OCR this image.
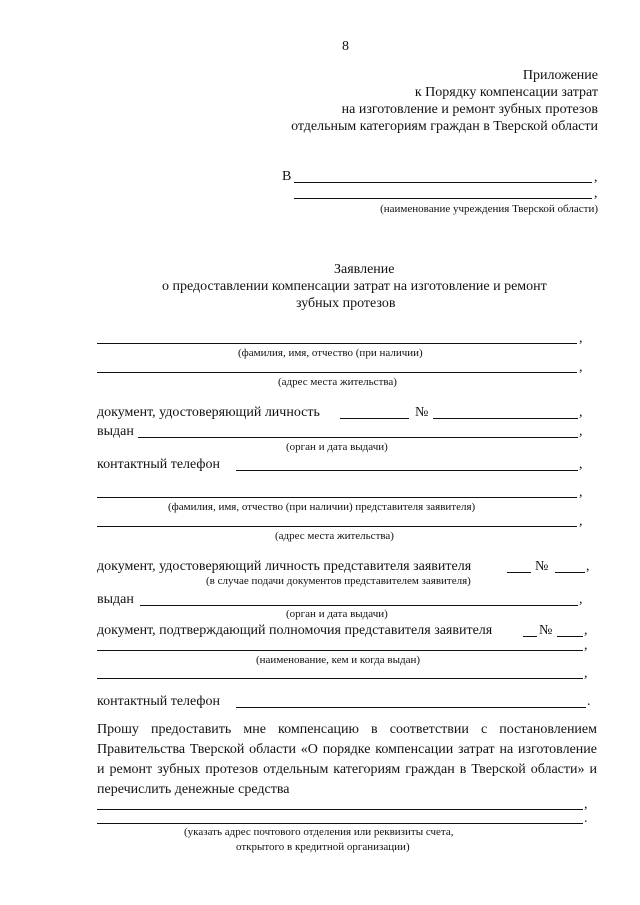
8
Приложение
к Порядку компенсации затрат
на изготовление и ремонт зубных протезов
отдельным категориям граждан в Тверской области
В	,
,
(наименование учреждения Тверской области)
Заявление
о предоставлении компенсации затрат на изготовление и ремонт
зубных протезов
,
(фамилия, имя, отчество (при наличии)
,
(адрес места жительства)
документ, удостоверяющий личность	№	,
выдан	,
(орган и дата выдачи)
контактный телефон	,
,
(фамилия, имя, отчество (при наличии) представителя заявителя)
,
(адрес места жительства)
документ, удостоверяющий личность представителя заявителя	№	,
(в случае подачи документов представителем заявителя)
выдан	,
(орган и дата выдачи)
документ, подтверждающий полномочия представителя заявителя	№ ,
,
(наименование, кем и когда выдан)
,
контактный телефон	.
Прошу предоставить мне компенсацию в соответствии с постановлением Правительства Тверской области «О порядке компенсации затрат на изготовление и ремонт зубных протезов отдельным категориям граждан в Тверской области» и перечислить денежные средства
,
.
(указать адрес почтового отделения или реквизиты счета,
открытого в кредитной организации)
